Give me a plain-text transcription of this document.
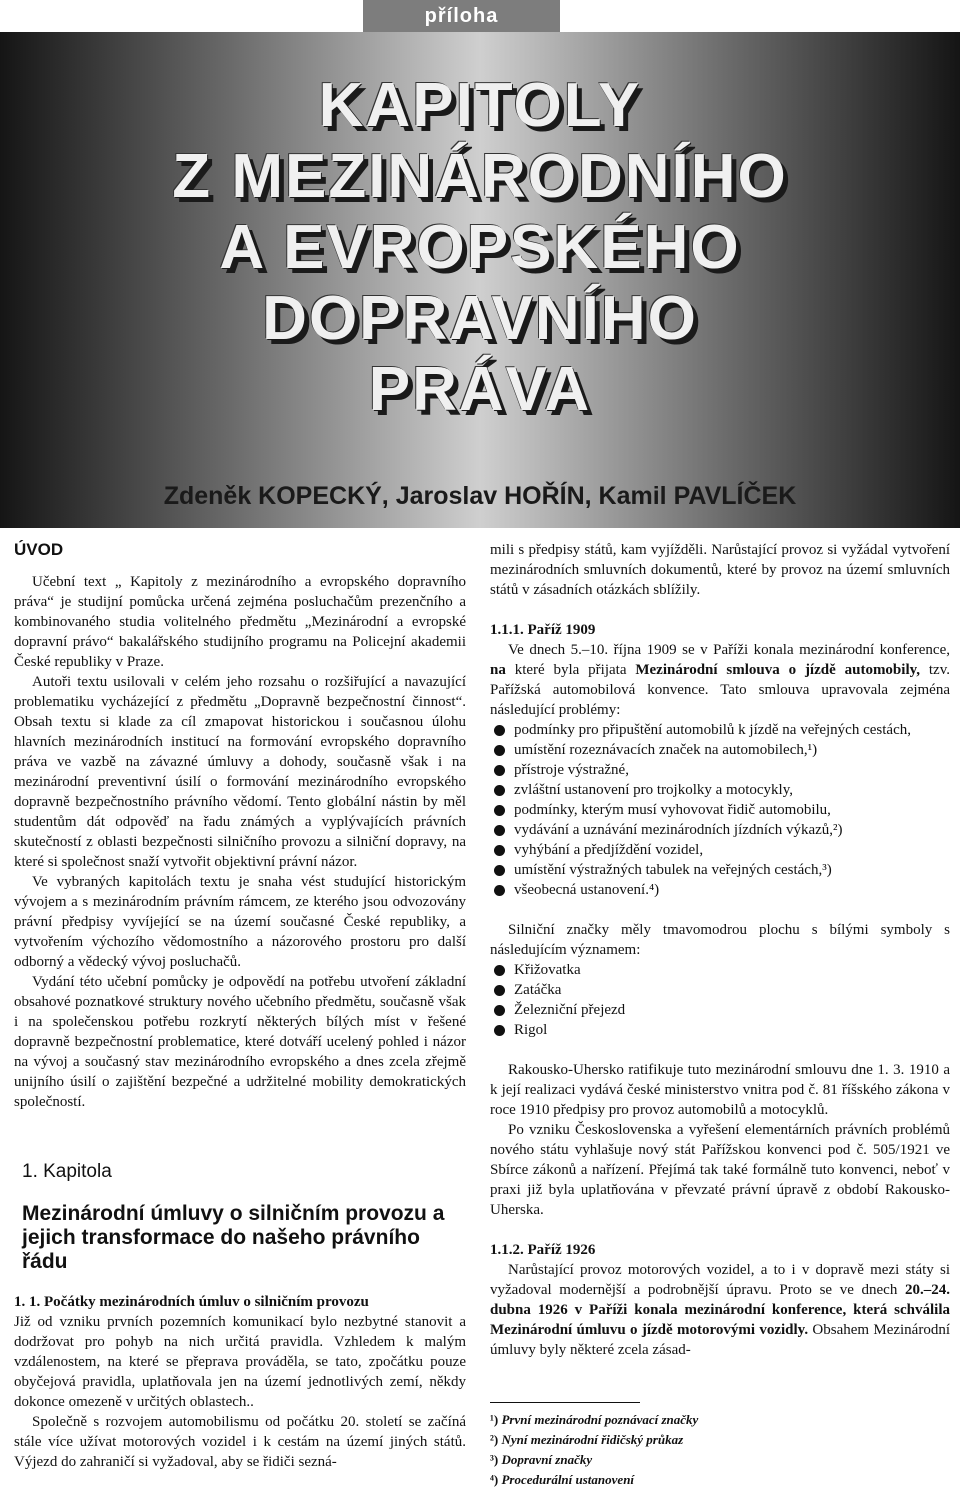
příloha
KAPITOLY
Z MEZINÁRODNÍHO
A EVROPSKÉHO
DOPRAVNÍHO
PRÁVA
Zdeněk KOPECKÝ, Jaroslav HOŘÍN, Kamil PAVLÍČEK
ÚVOD

Učební text „ Kapitoly z mezinárodního a evropského dopravního práva“ je studijní pomůcka určená zejména posluchačům prezenčního a kombinovaného studia volitelného předmětu „Mezinárodní a evropské dopravní právo“ bakalářského studijního programu na Policejní akademii České republiky v Praze.

Autoři textu usilovali v celém jeho rozsahu o rozšiřující a navazující problematiku vycházející z předmětu „Dopravně bezpečnostní činnost“. Obsah textu si klade za cíl zmapovat historickou i současnou úlohu hlavních mezinárodních institucí na formování evropského dopravního práva ve vazbě na závazné úmluvy a dohody, současně však i na mezinárodní preventivní úsilí o formování mezinárodního evropského dopravně bezpečnostního právního vědomí. Tento globální nástin by měl studentům dát odpověď na řadu známých a vyplývajících právních skutečností z oblasti bezpečnosti silničního provozu a silniční dopravy, na které si společnost snaží vytvořit objektivní právní názor.

Ve vybraných kapitolách textu je snaha vést studující historickým vývojem a s mezinárodním právním rámcem, ze kterého jsou odvozovány právní předpisy vyvíjející se na území současné České republiky, a vytvořením výchozího vědomostního a názorového prostoru pro další odborný a vědecký vývoj posluchačů.

Vydání této učební pomůcky je odpovědí na potřebu utvoření základní obsahové poznatkové struktury nového učebního předmětu, současně však i na společenskou potřebu rozkrytí některých bílých míst v řešené dopravně bezpečnostní problematice, které dotváří ucelený pohled i názor na vývoj a současný stav mezinárodního evropského a dnes zcela zřejmě unijního úsilí o zajištění bezpečné a udržitelné mobility demokratických společností.

1. Kapitola
Mezinárodní úmluvy o silničním provozu a jejich transformace do našeho právního řádu

1. 1. Počátky mezinárodních úmluv o silničním provozu

Již od vzniku prvních pozemních komunikací bylo nezbytné stanovit a dodržovat pro pohyb na nich určitá pravidla. Vzhledem k malým vzdálenostem, na které se přeprava prováděla, se tato, zpočátku pouze obyčejová pravidla, uplatňovala jen na území jednotlivých zemí, někdy dokonce omezeně v určitých oblastech..

Společně s rozvojem automobilismu od počátku 20. století se začíná stále více užívat motorových vozidel i k cestám na území jiných států. Výjezd do zahraničí si vyžadoval, aby se řidiči sezná-

mili s předpisy států, kam vyjížděli. Narůstající provoz si vyžádal vytvoření mezinárodních smluvních dokumentů, které by provoz na území smluvních států v zásadních otázkách sblížily.

1.1.1. Paříž 1909

Ve dnech 5.–10. října 1909 se v Paříži konala mezinárodní konference, na které byla přijata Mezinárodní smlouva o jízdě automobily, tzv. Pařížská automobilová konvence. Tato smlouva upravovala zejména následující problémy:

podmínky pro připuštění automobilů k jízdě na veřejných cestách,
umístění rozeznávacích značek na automobilech,¹)
přístroje výstražné,
zvláštní ustanovení pro trojkolky a motocykly,
podmínky, kterým musí vyhovovat řidič automobilu,
vydávání a uznávání mezinárodních jízdních výkazů,²)
vyhýbání a předjíždění vozidel,
umístění výstražných tabulek na veřejných cestách,³)
všeobecná ustanovení.⁴)

Silniční značky měly tmavomodrou plochu s bílými symboly s následujícím významem:

Křižovatka
Zatáčka
Železniční přejezd
Rigol

Rakousko-Uhersko ratifikuje tuto mezinárodní smlouvu dne 1. 3. 1910 a k její realizaci vydává české ministerstvo vnitra pod č. 81 říšského zákona v roce 1910 předpisy pro provoz automobilů a motocyklů.

Po vzniku Československa a vyřešení elementárních právních problémů nového státu vyhlašuje nový stát Pařížskou konvenci pod č. 505/1921 ve Sbírce zákonů a nařízení. Přejímá tak také formálně tuto konvenci, neboť v praxi již byla uplatňována v převzaté právní úpravě z období Rakousko-Uherska.

1.1.2. Paříž 1926

Narůstající provoz motorových vozidel, a to i v dopravě mezi státy si vyžadoval modernější a podrobnější úpravu. Proto se ve dnech 20.–24. dubna 1926 v Paříži konala mezinárodní konference, která schválila Mezinárodní úmluvu o jízdě motorovými vozidly. Obsahem Mezinárodní úmluvy byly některé zcela zásad-

¹) První mezinárodní poznávací značky
²) Nyní mezinárodní řidičský průkaz
³) Dopravní značky
⁴) Procedurální ustanovení
